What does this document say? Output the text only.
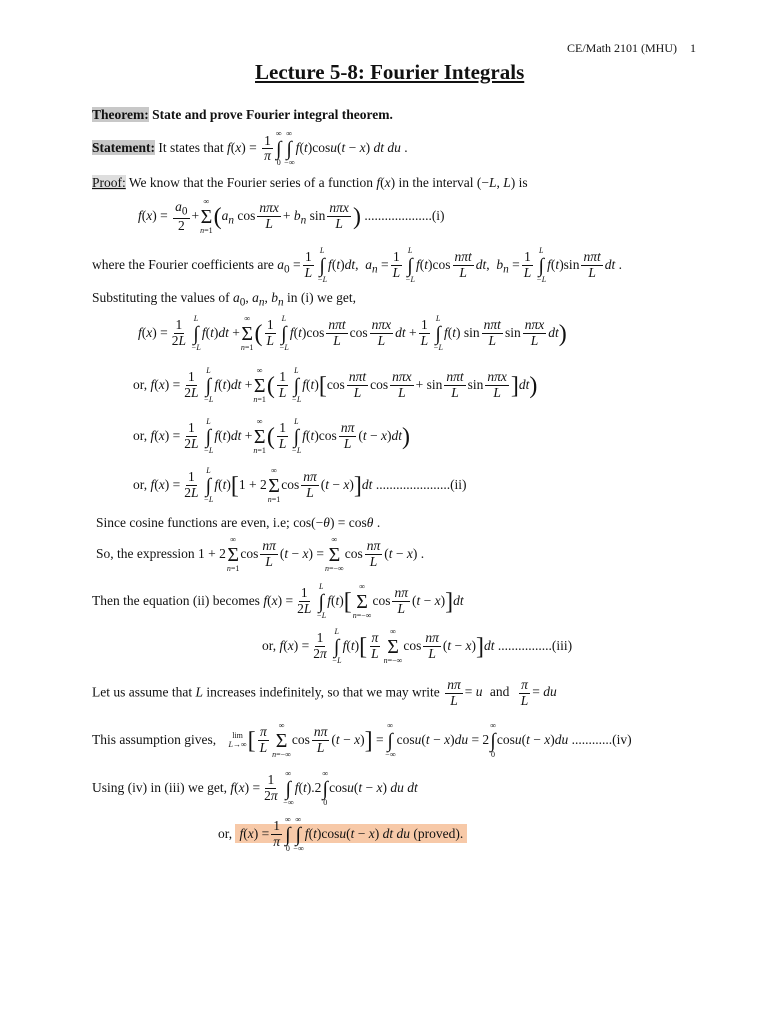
CE/Math 2101 (MHU) 1
Lecture 5-8: Fourier Integrals
Theorem: State and prove Fourier integral theorem.
Statement: It states that $f(x) = \frac{1}{\pi}$ ∞
∫
0
∞
∫
−∞
f(t)cosu(t − x) dt du .
Proof: We know that the Fourier series of a function f(x) in the interval (−L, L) is
$f(x) = \frac{a_0}{2}$ +
∞
Σ
n=1
($a_n$ $\cos \frac{\text{nπx}}{L} + b_n$ $\sin \frac{\text{nπx}}{L}$ ) ....................(i)
where the Fourier coefficients are $a_0 = \frac{1}{L}$ L
∫
−L
f(t)dt,  $a_n = \frac{1}{L}$ L
∫
−L
$f(t)\cos \frac{\text{nπt}}{L}$ dt,  $b_n = \frac{1}{L}$ L
∫
−L
$f(t)\sin \frac{\text{nπt}}{L}$ dt .
Substituting the values of $a_0$, $a_n$, $b_n$ in (i) we get,
$f(x) = \frac{1}{2L}$ L
∫
−L
f(t)dt +
∞
Σ
n=1
( $\frac{1}{L}$ L
∫
−L
$f(t)\cos \frac{\text{nπt}}{L}$ $\cos \frac{\text{nπx}}{L}$ dt + $\frac{1}{L}$ L
∫
−L
f(t) $\sin \frac{\text{nπt}}{L}$ $\sin \frac{\text{nπx}}{L} dt$)
or, $f(x) = \frac{1}{2L}$ L
∫
−L
f(t)dt +
∞
Σ
n=1
( $\frac{1}{L}$ L
∫
−L
$f(t)[\cos \frac{\text{nπt}}{L}$ $\cos \frac{\text{nπx}}{L} + \sin \frac{\text{nπt}}{L}$ $\sin \frac{\text{nπx}}{L} ]dt$)
or, $f(x) = \frac{1}{2L}$ L
∫
−L
f(t)dt +
∞
Σ
n=1
( $\frac{1}{L}$ L
∫
−L
$f(t)\cos \frac{n\pi}{L} (t - x)dt$)
or, $f(x) = \frac{1}{2L}$ L
∫
−L
f(t)[1 + 2
∞
Σ
n=1
$\cos \frac{n\pi}{L} (t - x)]dt$ ......................(ii)
Since cosine functions are even, i.e; cos(−θ) = cosθ .
So, the expression 1 + 2
∞
Σ
n=1
$\cos \frac{n\pi}{L} (t - x)$ =
∞
Σ
n=−∞
$\cos \frac{n\pi}{L} (t - x)$ .
Then the equation (ii) becomes $f(x) = \frac{1}{2L}$ L
∫
−L
f(t)[
∞
Σ
n=−∞
$\cos \frac{n\pi}{L} (t - x)]dt$
or, $f(x) = \frac{1}{2\pi}$ L
∫
−L
$f(t)[ \frac{\pi}{L}$ ∞
Σ
n=−∞
$\cos \frac{n\pi}{L} (t - x)]dt$ ................(iii)
Let us assume that L increases indefinitely, so that we may write $\frac{n\pi}{L} = u$ and $\frac{\pi}{L}$ = du
This assumption gives, lim
L→∞ [ $\frac{\pi}{L}$ ∞
Σ
n=−∞
$\cos \frac{n\pi}{L} (t - x)$] =
∞
∫
−∞
cosu(t − x)du = 2
∞
∫
0
cosu(t − x)du ............(iv)
Using (iv) in (iii) we get, $f(x) = \frac{1}{2\pi}$ ∞
∫
−∞
f(t).2
∞
∫
0
cosu(t − x) du dt
or, $f(x) = \frac{1}{\pi}$ ∞
∫
0
∞
∫
−∞
f(t)cosu(t − x) dt du (proved).
